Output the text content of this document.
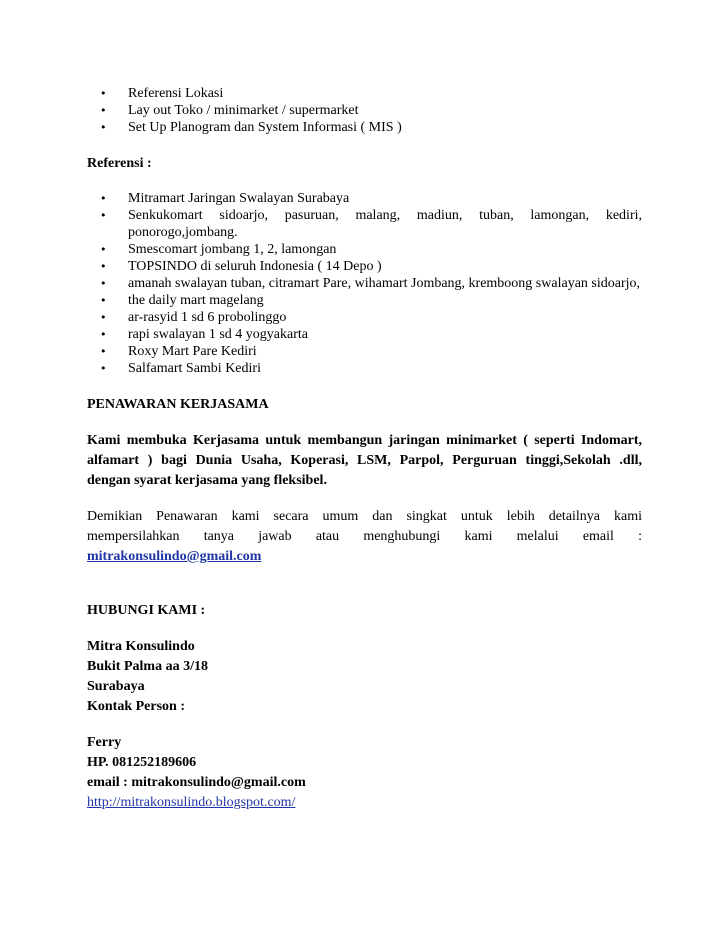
• Referensi Lokasi
• Lay out Toko / minimarket / supermarket
• Set Up Planogram dan System Informasi ( MIS )

Referensi :

• Mitramart Jaringan Swalayan Surabaya
• Senkukomart sidoarjo, pasuruan, malang, madiun, tuban, lamongan, kediri, ponorogo,jombang.
• Smescomart jombang 1, 2, lamongan
• TOPSINDO di seluruh Indonesia ( 14 Depo )
• amanah swalayan tuban, citramart Pare, wihamart Jombang, kremboong swalayan sidoarjo,
• the daily mart magelang
• ar-rasyid 1 sd 6 probolinggo
• rapi swalayan 1 sd 4 yogyakarta
• Roxy Mart Pare Kediri
• Salfamart Sambi Kediri

PENAWARAN KERJASAMA

Kami membuka Kerjasama untuk membangun jaringan minimarket ( seperti Indomart,
alfamart ) bagi Dunia Usaha, Koperasi, LSM, Parpol, Perguruan tinggi,Sekolah .dll,
dengan syarat kerjasama yang fleksibel.
Demikian Penawaran kami secara umum dan singkat untuk lebih detailnya kami
mempersilahkan tanya jawab atau menghubungi kami melalui email :
mitrakonsulindo@gmail.com

HUBUNGI KAMI :

Mitra Konsulindo
Bukit Palma aa 3/18
Surabaya
Kontak Person :
Ferry
HP. 081252189606
email : mitrakonsulindo@gmail.com
http://mitrakonsulindo.blogspot.com/
